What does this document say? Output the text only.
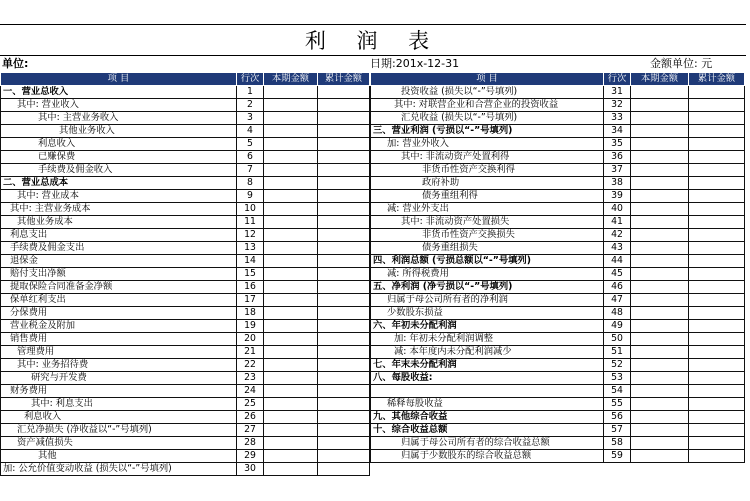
利 润 表
单位:	日期:201x-12-31	金额单位: 元
项 目	行次	本期金额	累计金额		项 目	行次	本期金额	累计金额
一、营业总收入	1				投资收益 (损失以“-”号填列)	31		
其中: 营业收入	2				其中: 对联营企业和合营企业的投资收益	32		
其中: 主营业务收入	3				汇兑收益 (损失以“-”号填列)	33		
其他业务收入	4				三、营业利润 (亏损以“-”号填列)	34		
利息收入	5				加: 营业外收入	35		
已赚保费	6				其中: 非流动资产处置利得	36		
手续费及佣金收入	7				非货币性资产交换利得	37		
二、营业总成本	8				政府补助	38		
其中: 营业成本	9				债务重组利得	39		
其中: 主营业务成本	10				减: 营业外支出	40		
其他业务成本	11				其中: 非流动资产处置损失	41		
利息支出	12				非货币性资产交换损失	42		
手续费及佣金支出	13				债务重组损失	43		
退保金	14				四、利润总额 (亏损总额以“-”号填列)	44		
赔付支出净额	15				减: 所得税费用	45		
提取保险合同准备金净额	16				五、净利润 (净亏损以“-”号填列)	46		
保单红利支出	17				归属于母公司所有者的净利润	47		
分保费用	18				少数股东损益	48		
营业税金及附加	19				六、年初未分配利润	49		
销售费用	20				加: 年初未分配利润调整	50		
管理费用	21				减: 本年度内未分配利润减少	51		
其中: 业务招待费	22				七、年末未分配利润	52		
研究与开发费	23				八、每股收益:	53		
财务费用	24					54		
其中: 利息支出	25				稀释每股收益	55		
利息收入	26				九、其他综合收益	56		
汇兑净损失 (净收益以“-”号填列)	27				十、综合收益总额	57		
资产减值损失	28				归属于母公司所有者的综合收益总额	58		
其他	29				归属于少数股东的综合收益总额	59		
加: 公允价值变动收益 (损失以“-”号填列)	30							
